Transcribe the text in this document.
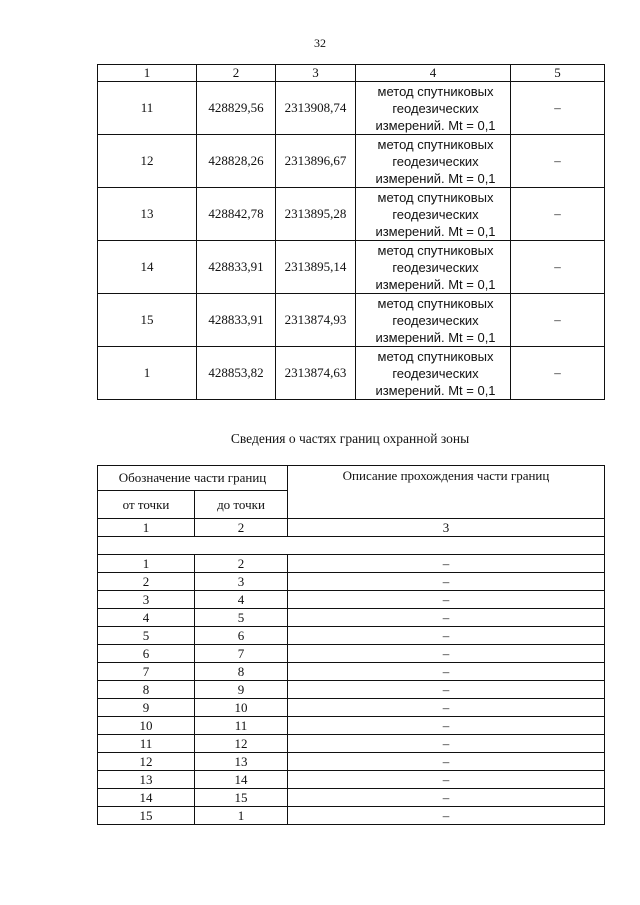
32
1	2	3	4	5
11	428829,56	2313908,74	метод спутниковых
геодезических
измерений. Mt = 0,1	–
12	428828,26	2313896,67	метод спутниковых
геодезических
измерений. Mt = 0,1	–
13	428842,78	2313895,28	метод спутниковых
геодезических
измерений. Mt = 0,1	–
14	428833,91	2313895,14	метод спутниковых
геодезических
измерений. Mt = 0,1	–
15	428833,91	2313874,93	метод спутниковых
геодезических
измерений. Mt = 0,1	–
1	428853,82	2313874,63	метод спутниковых
геодезических
измерений. Mt = 0,1	–
Сведения о частях границ охранной зоны
Обозначение части границ		Описание прохождения части границ
от точки	до точки	
1	2	3

1	2	–
2	3	–
3	4	–
4	5	–
5	6	–
6	7	–
7	8	–
8	9	–
9	10	–
10	11	–
11	12	–
12	13	–
13	14	–
14	15	–
15	1	–
